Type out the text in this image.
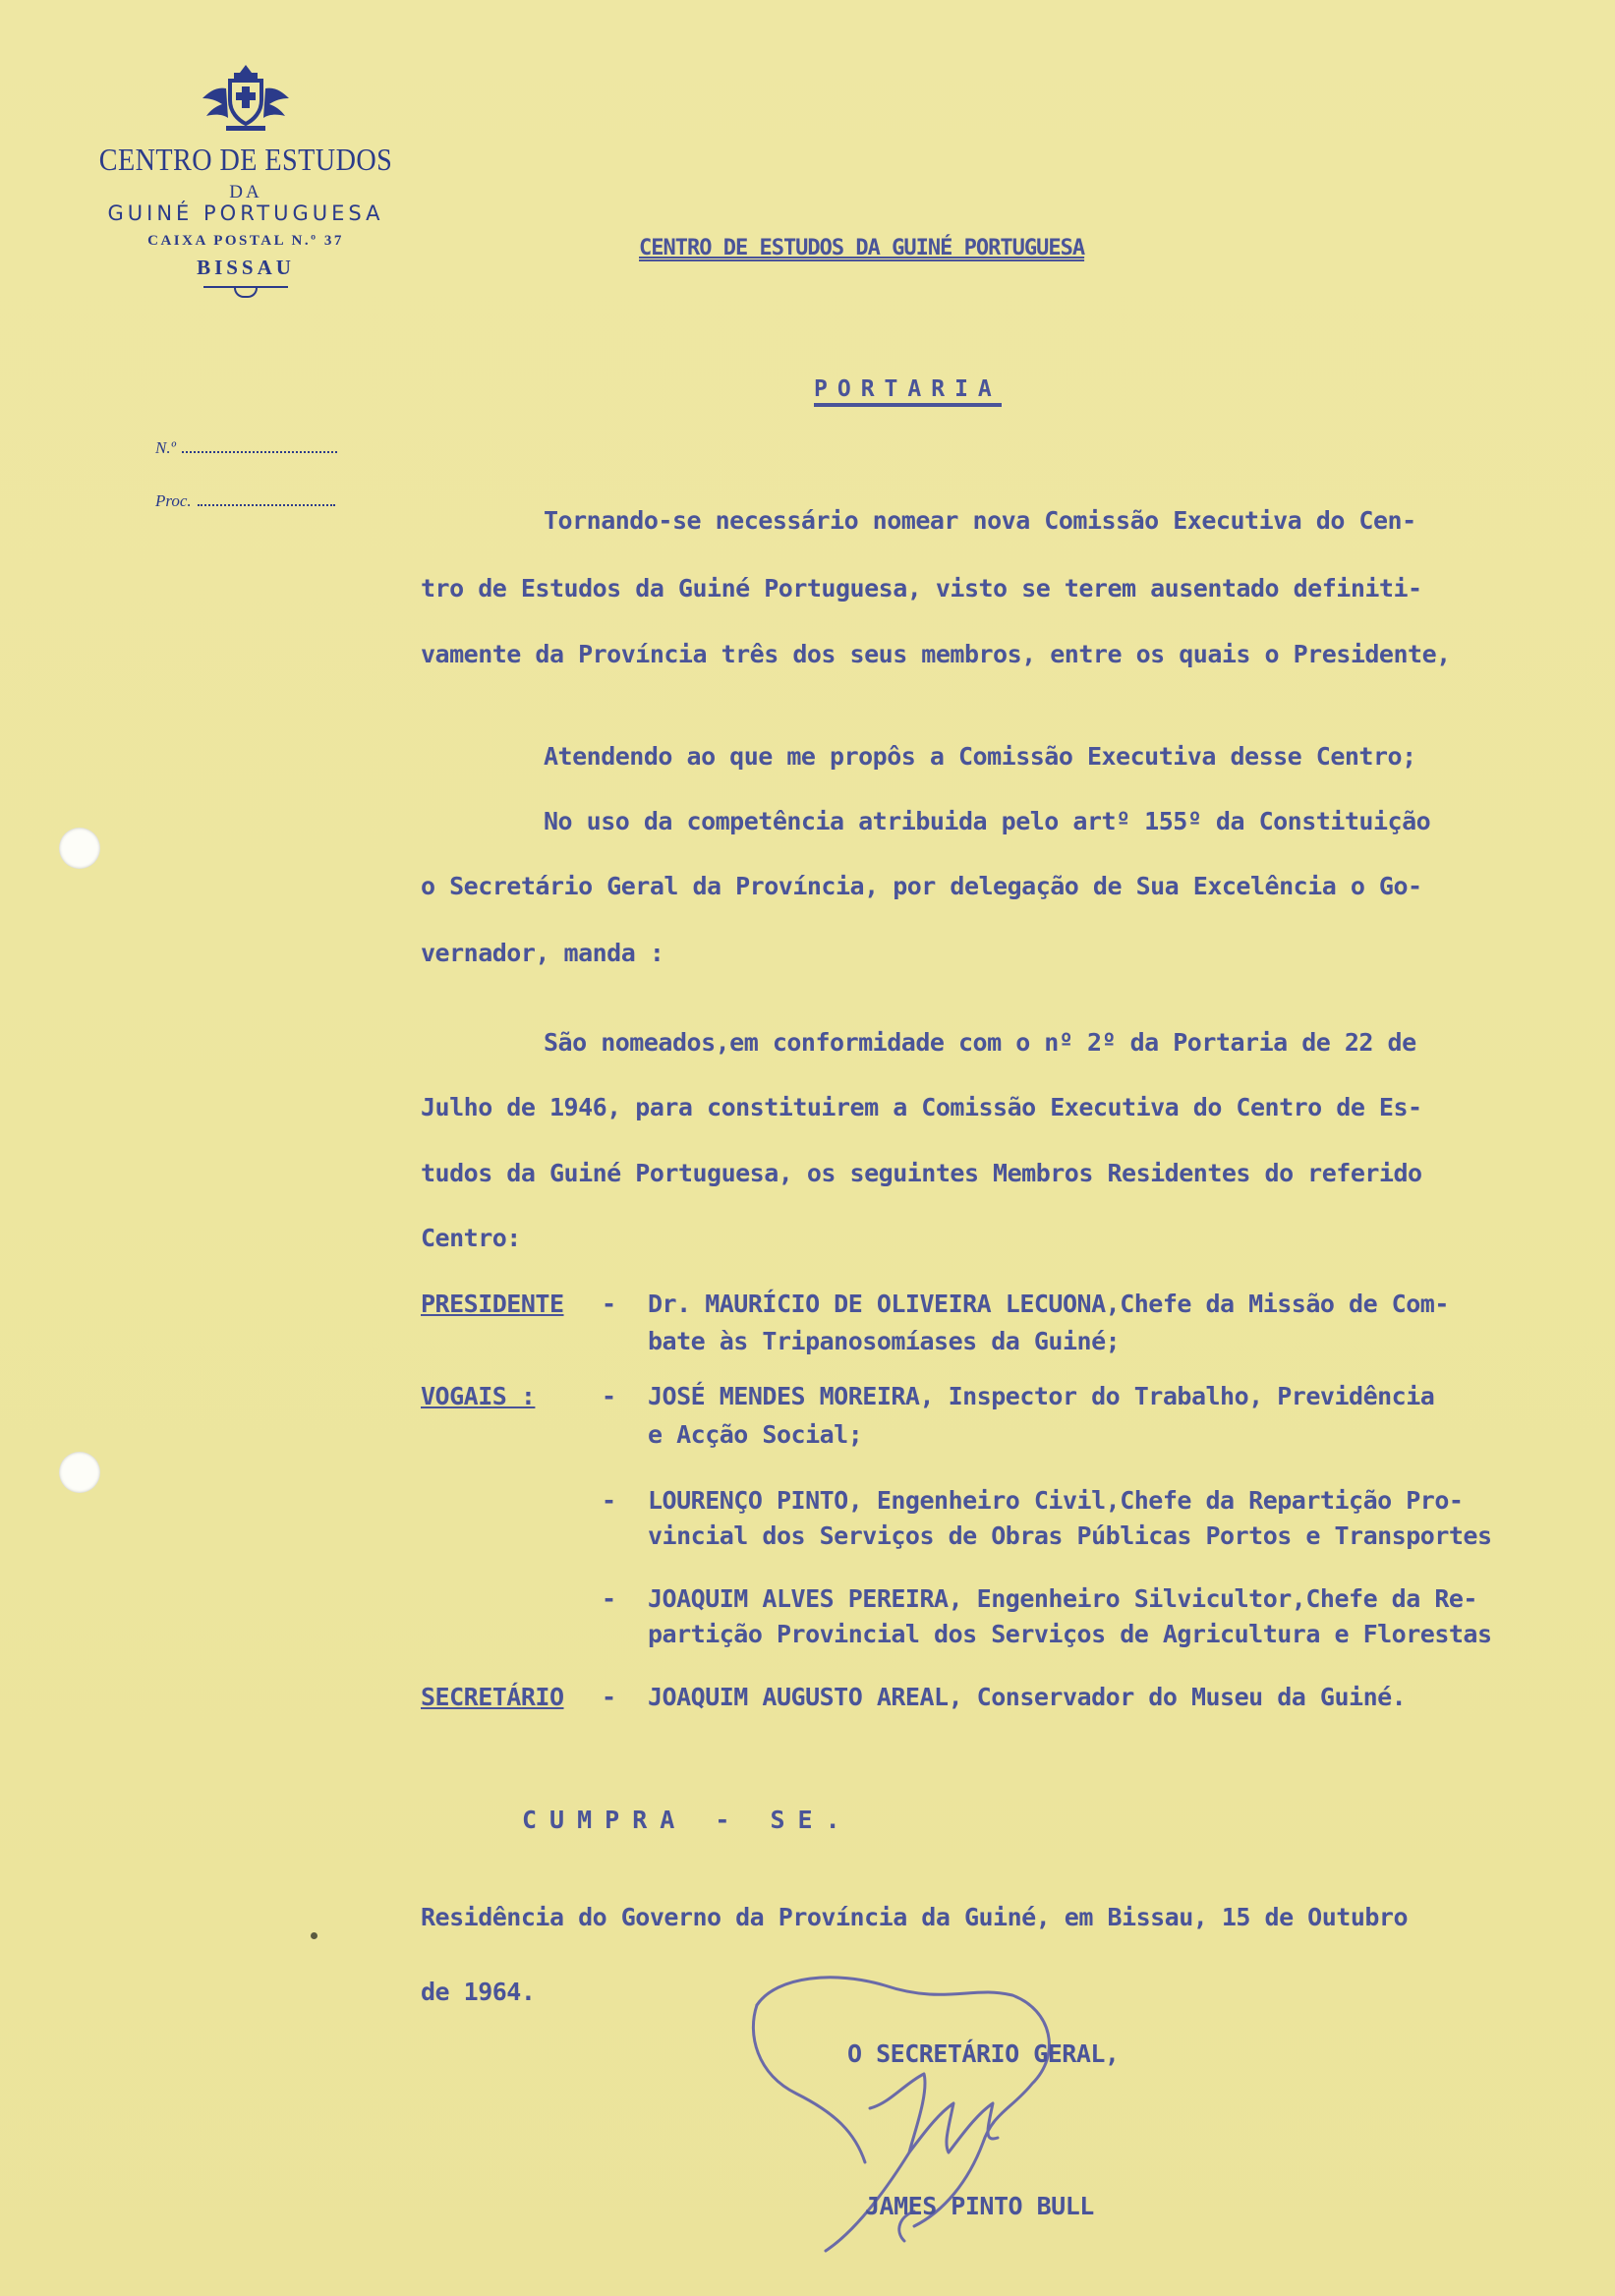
CENTRO DE ESTUDOS
DA
GUINÉ PORTUGUESA
CAIXA POSTAL N.º 37
BISSAU
N.º
Proc.
CENTRO DE ESTUDOS DA GUINÉ PORTUGUESA
PORTARIA
Tornando-se necessário nomear nova Comissão Executiva do Cen-
tro de Estudos da Guiné Portuguesa, visto se terem ausentado definiti-
vamente da Província três dos seus membros, entre os quais o Presidente,
Atendendo ao que me propôs a Comissão Executiva desse Centro;
No uso da competência atribuida pelo artº 155º da Constituição
o Secretário Geral da Província, por delegação de Sua Excelência o Go-
vernador, manda :
São nomeados,em conformidade com o nº 2º da Portaria de 22 de
Julho de 1946, para constituirem a Comissão Executiva do Centro de Es-
tudos da Guiné Portuguesa, os seguintes Membros Residentes do referido
Centro:
PRESIDENTE - Dr. MAURÍCIO DE OLIVEIRA LECUONA,Chefe da Missão de Com-
bate às Tripanosomíases da Guiné;
VOGAIS :	- JOSÉ MENDES MOREIRA, Inspector do Trabalho, Previdência
e Acção Social;
- LOURENÇO PINTO, Engenheiro Civil,Chefe da Repartição Pro-
vincial dos Serviços de Obras Públicas Portos e Transportes
- JOAQUIM ALVES PEREIRA, Engenheiro Silvicultor,Chefe da Re-
partição Provincial dos Serviços de Agricultura e Florestas
SECRETÁRIO - JOAQUIM AUGUSTO AREAL, Conservador do Museu da Guiné.
CUMPRA - SE.
Residência do Governo da Província da Guiné, em Bissau, 15 de Outubro
de 1964.
O SECRETÁRIO GERAL,
JAMES PINTO BULL
